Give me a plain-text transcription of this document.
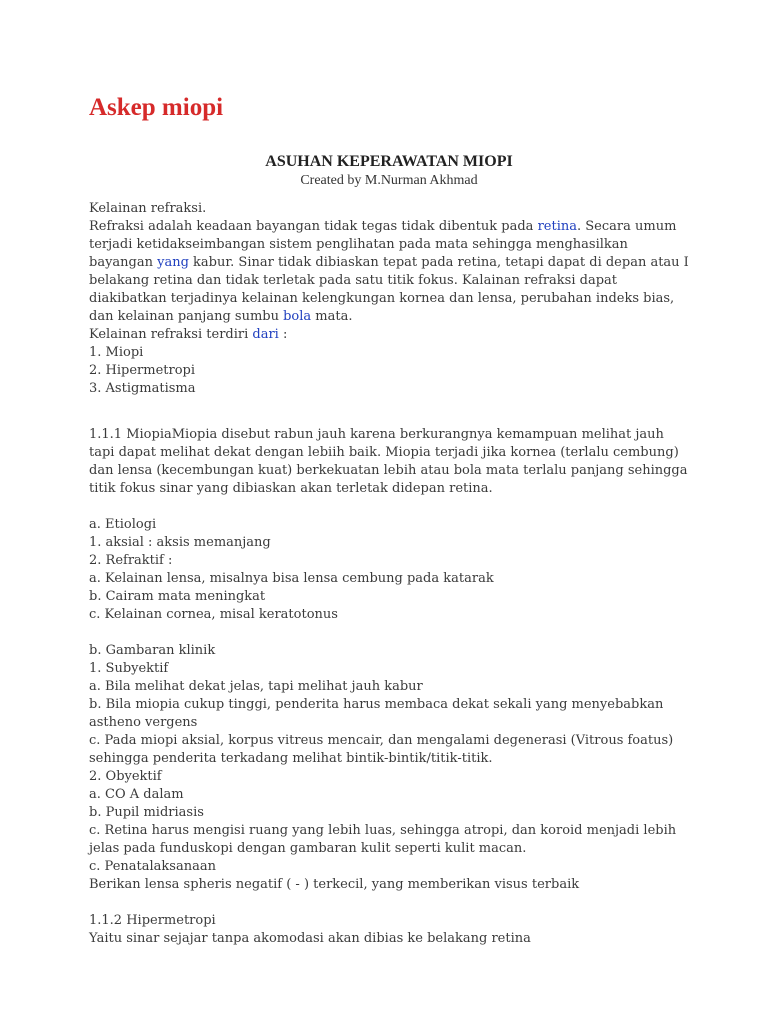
Askep miopi

ASUHAN KEPERAWATAN MIOPI

Created by M.Nurman Akhmad

Kelainan refraksi.

Refraksi adalah keadaan bayangan tidak tegas tidak dibentuk pada retina. Secara umum terjadi ketidakseimbangan sistem penglihatan pada mata sehingga menghasilkan bayangan yang kabur. Sinar tidak dibiaskan tepat pada retina, tetapi dapat di depan atau I belakang retina dan tidak terletak pada satu titik fokus. Kalainan refraksi dapat diakibatkan terjadinya kelainan kelengkungan kornea dan lensa, perubahan indeks bias, dan kelainan panjang sumbu bola mata.

Kelainan refraksi terdiri dari :

1. Miopi

2. Hipermetropi

3. Astigmatisma

1.1.1 MiopiaMiopia disebut rabun jauh karena berkurangnya kemampuan melihat jauh tapi dapat melihat dekat dengan lebiih baik. Miopia terjadi jika kornea (terlalu cembung) dan lensa (kecembungan kuat) berkekuatan lebih atau bola mata terlalu panjang sehingga titik fokus sinar yang dibiaskan akan terletak didepan retina.

a. Etiologi

1. aksial : aksis memanjang

2. Refraktif :

a. Kelainan lensa, misalnya bisa lensa cembung pada katarak

b. Cairam mata meningkat

c. Kelainan cornea, misal keratotonus

b. Gambaran klinik

1. Subyektif

a. Bila melihat dekat jelas, tapi melihat jauh kabur

b. Bila miopia cukup tinggi, penderita harus membaca dekat sekali yang menyebabkan astheno vergens

c. Pada miopi aksial, korpus vitreus mencair, dan mengalami degenerasi (Vitrous foatus) sehingga penderita terkadang melihat bintik-bintik/titik-titik.

2. Obyektif

a. CO A dalam

b. Pupil midriasis

c. Retina harus mengisi ruang yang lebih luas, sehingga atropi, dan koroid menjadi lebih jelas pada funduskopi dengan gambaran kulit seperti kulit macan.

c. Penatalaksanaan

Berikan lensa spheris negatif ( - ) terkecil, yang memberikan visus terbaik

1.1.2 Hipermetropi

Yaitu sinar sejajar tanpa akomodasi akan dibias ke belakang retina
